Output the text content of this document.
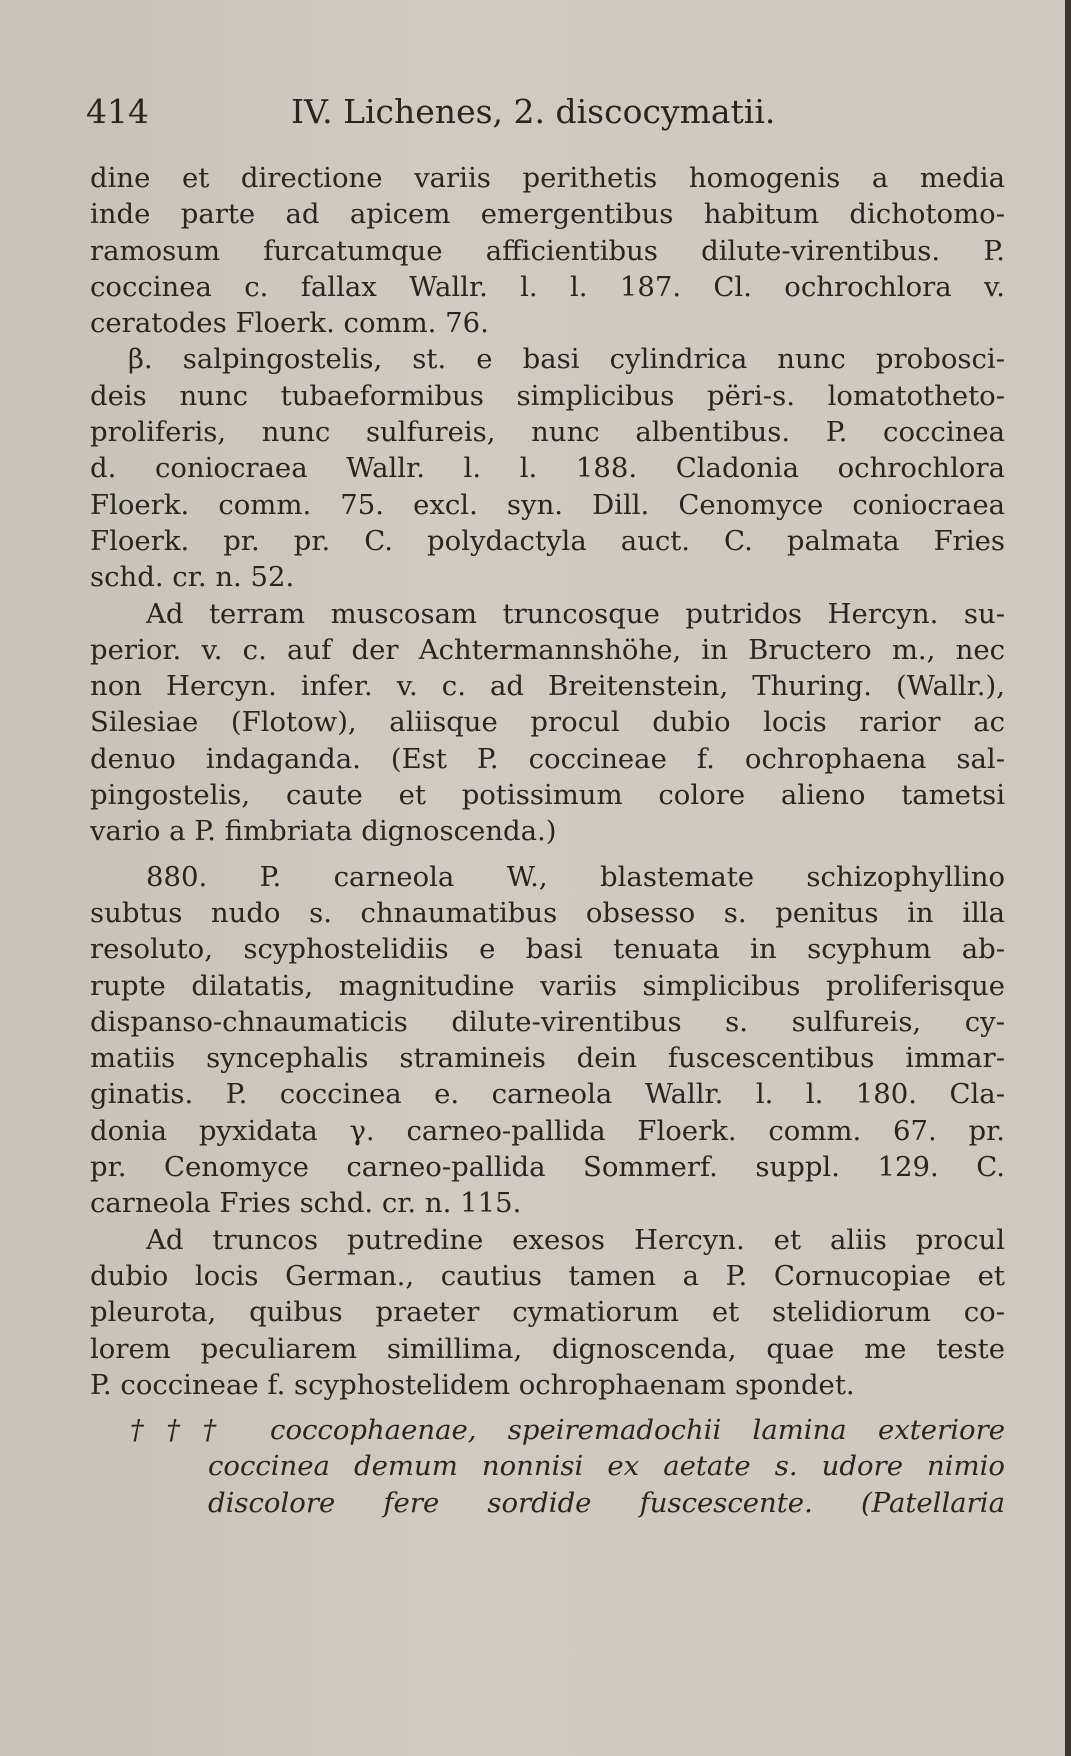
414	IV. Lichenes, 2. discocymatii.
dine et directione variis perithetis homogenis a media
inde parte ad apicem emergentibus habitum dichotomo-
ramosum furcatumque afficientibus dilute-virentibus. P.
coccinea c. fallax Wallr. l. l. 187. Cl. ochrochlora v.
ceratodes Floerk. comm. 76.
β. salpingostelis, st. e basi cylindrica nunc probosci-
deis nunc tubaeformibus simplicibus përi-s. lomatotheto-
proliferis, nunc sulfureis, nunc albentibus. P. coccinea
d. coniocraea Wallr. l. l. 188. Cladonia ochrochlora
Floerk. comm. 75. excl. syn. Dill. Cenomyce coniocraea
Floerk. pr. pr. C. polydactyla auct. C. palmata Fries
schd. cr. n. 52.
Ad terram muscosam truncosque putridos Hercyn. su-
perior. v. c. auf der Achtermannshöhe, in Bructero m., nec
non Hercyn. infer. v. c. ad Breitenstein, Thuring. (Wallr.),
Silesiae (Flotow), aliisque procul dubio locis rarior ac
denuo indaganda. (Est P. coccineae f. ochrophaena sal-
pingostelis, caute et potissimum colore alieno tametsi
vario a P. fimbriata dignoscenda.)
880. P. carneola W., blastemate schizophyllino
subtus nudo s. chnaumatibus obsesso s. penitus in illa
resoluto, scyphostelidiis e basi tenuata in scyphum ab-
rupte dilatatis, magnitudine variis simplicibus proliferisque
dispanso-chnaumaticis dilute-virentibus s. sulfureis, cy-
matiis syncephalis stramineis dein fuscescentibus immar-
ginatis. P. coccinea e. carneola Wallr. l. l. 180. Cla-
donia pyxidata γ. carneo-pallida Floerk. comm. 67. pr.
pr. Cenomyce carneo-pallida Sommerf. suppl. 129. C.
carneola Fries schd. cr. n. 115.
Ad truncos putredine exesos Hercyn. et aliis procul
dubio locis German., cautius tamen a P. Cornucopiae et
pleurota, quibus praeter cymatiorum et stelidiorum co-
lorem peculiarem simillima, dignoscenda, quae me teste
P. coccineae f. scyphostelidem ochrophaenam spondet.
††† coccophaenae, speiremadochii lamina exteriore
coccinea demum nonnisi ex aetate s. udore nimio
discolore fere sordide fuscescente. (Patellaria
